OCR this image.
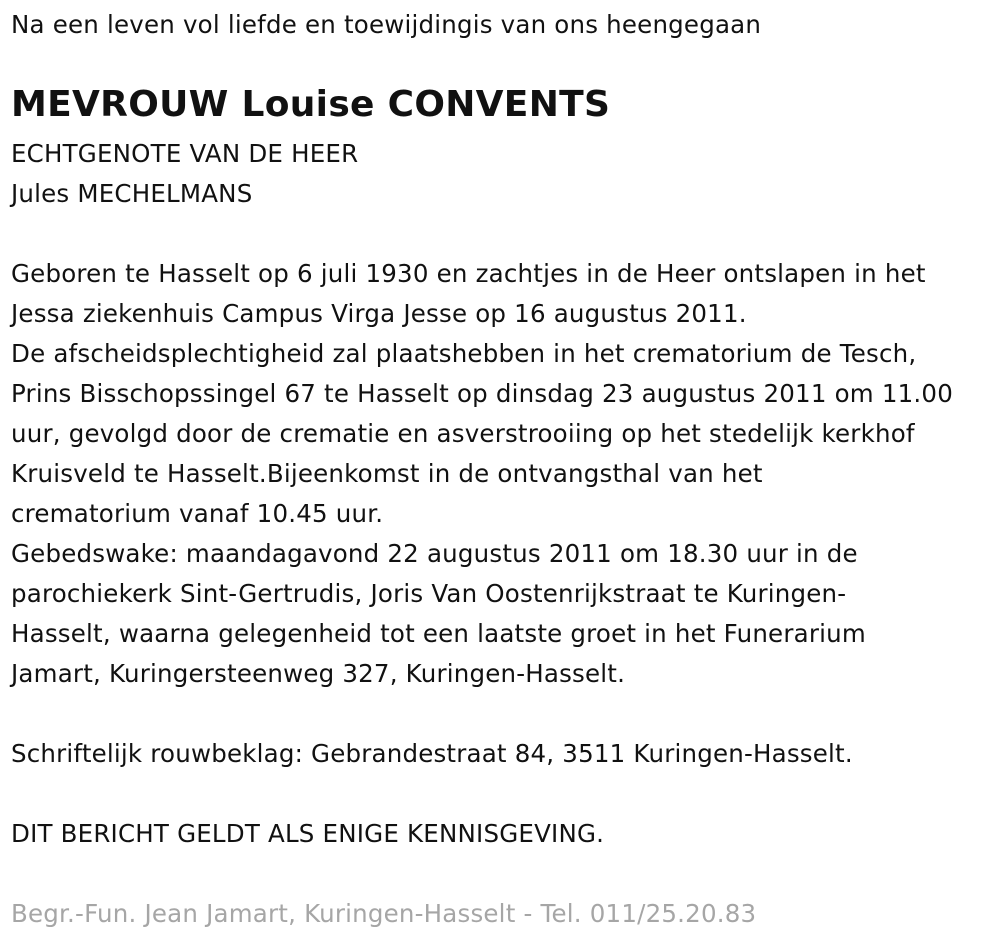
Na een leven vol liefde en toewijdingis van ons heengegaan
MEVROUW Louise CONVENTS
ECHTGENOTE VAN DE HEER
Jules MECHELMANS
Geboren te Hasselt op 6 juli 1930 en zachtjes in de Heer ontslapen in het
Jessa ziekenhuis Campus Virga Jesse op 16 augustus 2011.
De afscheidsplechtigheid zal plaatshebben in het crematorium de Tesch,
Prins Bisschopssingel 67 te Hasselt op dinsdag 23 augustus 2011 om 11.00
uur, gevolgd door de crematie en asverstrooiing op het stedelijk kerkhof
Kruisveld te Hasselt.Bijeenkomst in de ontvangsthal van het
crematorium vanaf 10.45 uur.
Gebedswake: maandagavond 22 augustus 2011 om 18.30 uur in de
parochiekerk Sint-Gertrudis, Joris Van Oostenrijkstraat te Kuringen-
Hasselt, waarna gelegenheid tot een laatste groet in het Funerarium
Jamart, Kuringersteenweg 327, Kuringen-Hasselt.
Schriftelijk rouwbeklag: Gebrandestraat 84, 3511 Kuringen-Hasselt.
DIT BERICHT GELDT ALS ENIGE KENNISGEVING.
Begr.-Fun. Jean Jamart, Kuringen-Hasselt - Tel. 011/25.20.83
